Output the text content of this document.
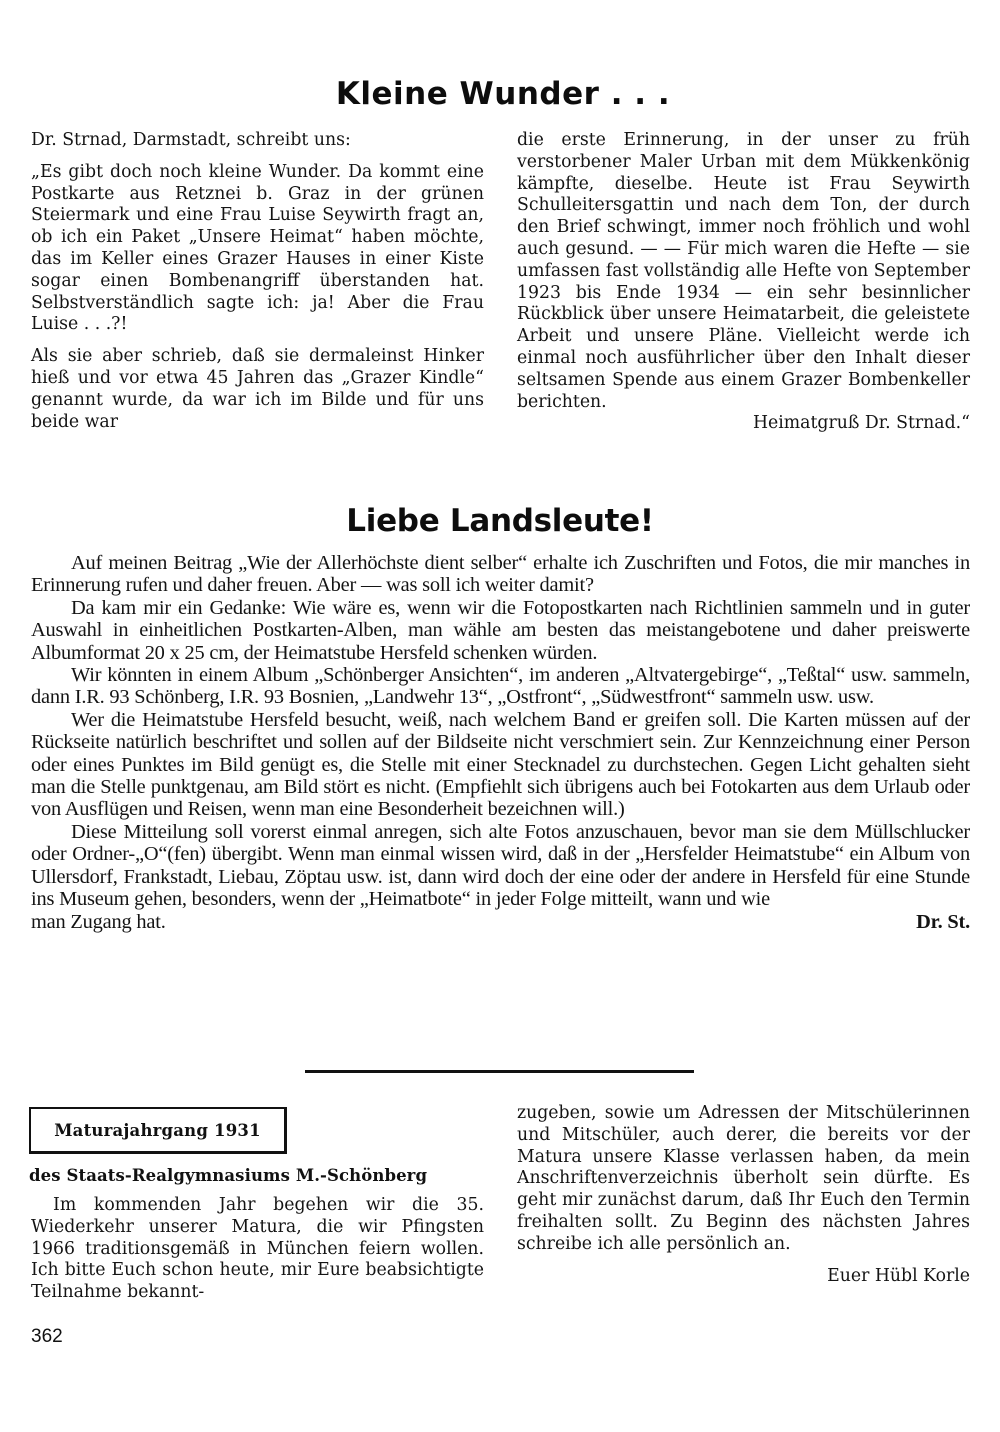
Kleine Wunder . . .

Dr. Strnad, Darmstadt, schreibt uns:

„Es gibt doch noch kleine Wunder. Da kommt eine Postkarte aus Retznei b. Graz in der grünen Steiermark und eine Frau Luise Seywirth fragt an, ob ich ein Paket „Unsere Heimat“ haben möchte, das im Keller eines Grazer Hauses in einer Kiste sogar einen Bombenangriff überstanden hat. Selbstverständlich sagte ich: ja! Aber die Frau Luise . . .?!

Als sie aber schrieb, daß sie dermaleinst Hinker hieß und vor etwa 45 Jahren das „Grazer Kindle“ genannt wurde, da war ich im Bilde und für uns beide war

die erste Erinnerung, in der unser zu früh verstorbener Maler Urban mit dem Mükkenkönig kämpfte, dieselbe. Heute ist Frau Seywirth Schulleitersgattin und nach dem Ton, der durch den Brief schwingt, immer noch fröhlich und wohl auch gesund. — — Für mich waren die Hefte — sie umfassen fast vollständig alle Hefte von September 1923 bis Ende 1934 — ein sehr besinnlicher Rückblick über unsere Heimatarbeit, die geleistete Arbeit und unsere Pläne. Vielleicht werde ich einmal noch ausführlicher über den Inhalt dieser seltsamen Spende aus einem Grazer Bombenkeller berichten.

Heimatgruß Dr. Strnad.“

Liebe Landsleute!

Auf meinen Beitrag „Wie der Allerhöchste dient selber“ erhalte ich Zuschriften und Fotos, die mir manches in Erinnerung rufen und daher freuen. Aber — was soll ich weiter damit?

Da kam mir ein Gedanke: Wie wäre es, wenn wir die Fotopostkarten nach Richtlinien sammeln und in guter Auswahl in einheitlichen Postkarten-Alben, man wähle am besten das meistangebotene und daher preiswerte Albumformat 20 x 25 cm, der Heimatstube Hersfeld schenken würden.

Wir könnten in einem Album „Schönberger Ansichten“, im anderen „Altvatergebirge“, „Teßtal“ usw. sammeln, dann I.R. 93 Schönberg, I.R. 93 Bosnien, „Landwehr 13“, „Ostfront“, „Südwestfront“ sammeln usw. usw.

Wer die Heimatstube Hersfeld besucht, weiß, nach welchem Band er greifen soll. Die Karten müssen auf der Rückseite natürlich beschriftet und sollen auf der Bildseite nicht verschmiert sein. Zur Kennzeichnung einer Person oder eines Punktes im Bild genügt es, die Stelle mit einer Stecknadel zu durchstechen. Gegen Licht gehalten sieht man die Stelle punktgenau, am Bild stört es nicht. (Empfiehlt sich übrigens auch bei Fotokarten aus dem Urlaub oder von Ausflügen und Reisen, wenn man eine Besonderheit bezeichnen will.)

Diese Mitteilung soll vorerst einmal anregen, sich alte Fotos anzuschauen, bevor man sie dem Müllschlucker oder Ordner-„O“(fen) übergibt. Wenn man einmal wissen wird, daß in der „Hersfelder Heimatstube“ ein Album von Ullersdorf, Frankstadt, Liebau, Zöptau usw. ist, dann wird doch der eine oder der andere in Hersfeld für eine Stunde ins Museum gehen, besonders, wenn der „Heimatbote“ in jeder Folge mitteilt, wann und wie

man Zugang hat.	Dr. St.
Maturajahrgang 1931
des Staats-Realgymnasiums M.-Schönberg

Im kommenden Jahr begehen wir die 35. Wiederkehr unserer Matura, die wir Pfingsten 1966 traditionsgemäß in München feiern wollen. Ich bitte Euch schon heute, mir Eure beabsichtigte Teilnahme bekannt-

zugeben, sowie um Adressen der Mitschülerinnen und Mitschüler, auch derer, die bereits vor der Matura unsere Klasse verlassen haben, da mein Anschriftenverzeichnis überholt sein dürfte. Es geht mir zunächst darum, daß Ihr Euch den Termin freihalten sollt. Zu Beginn des nächsten Jahres schreibe ich alle persönlich an.

Euer Hübl Korle

362
